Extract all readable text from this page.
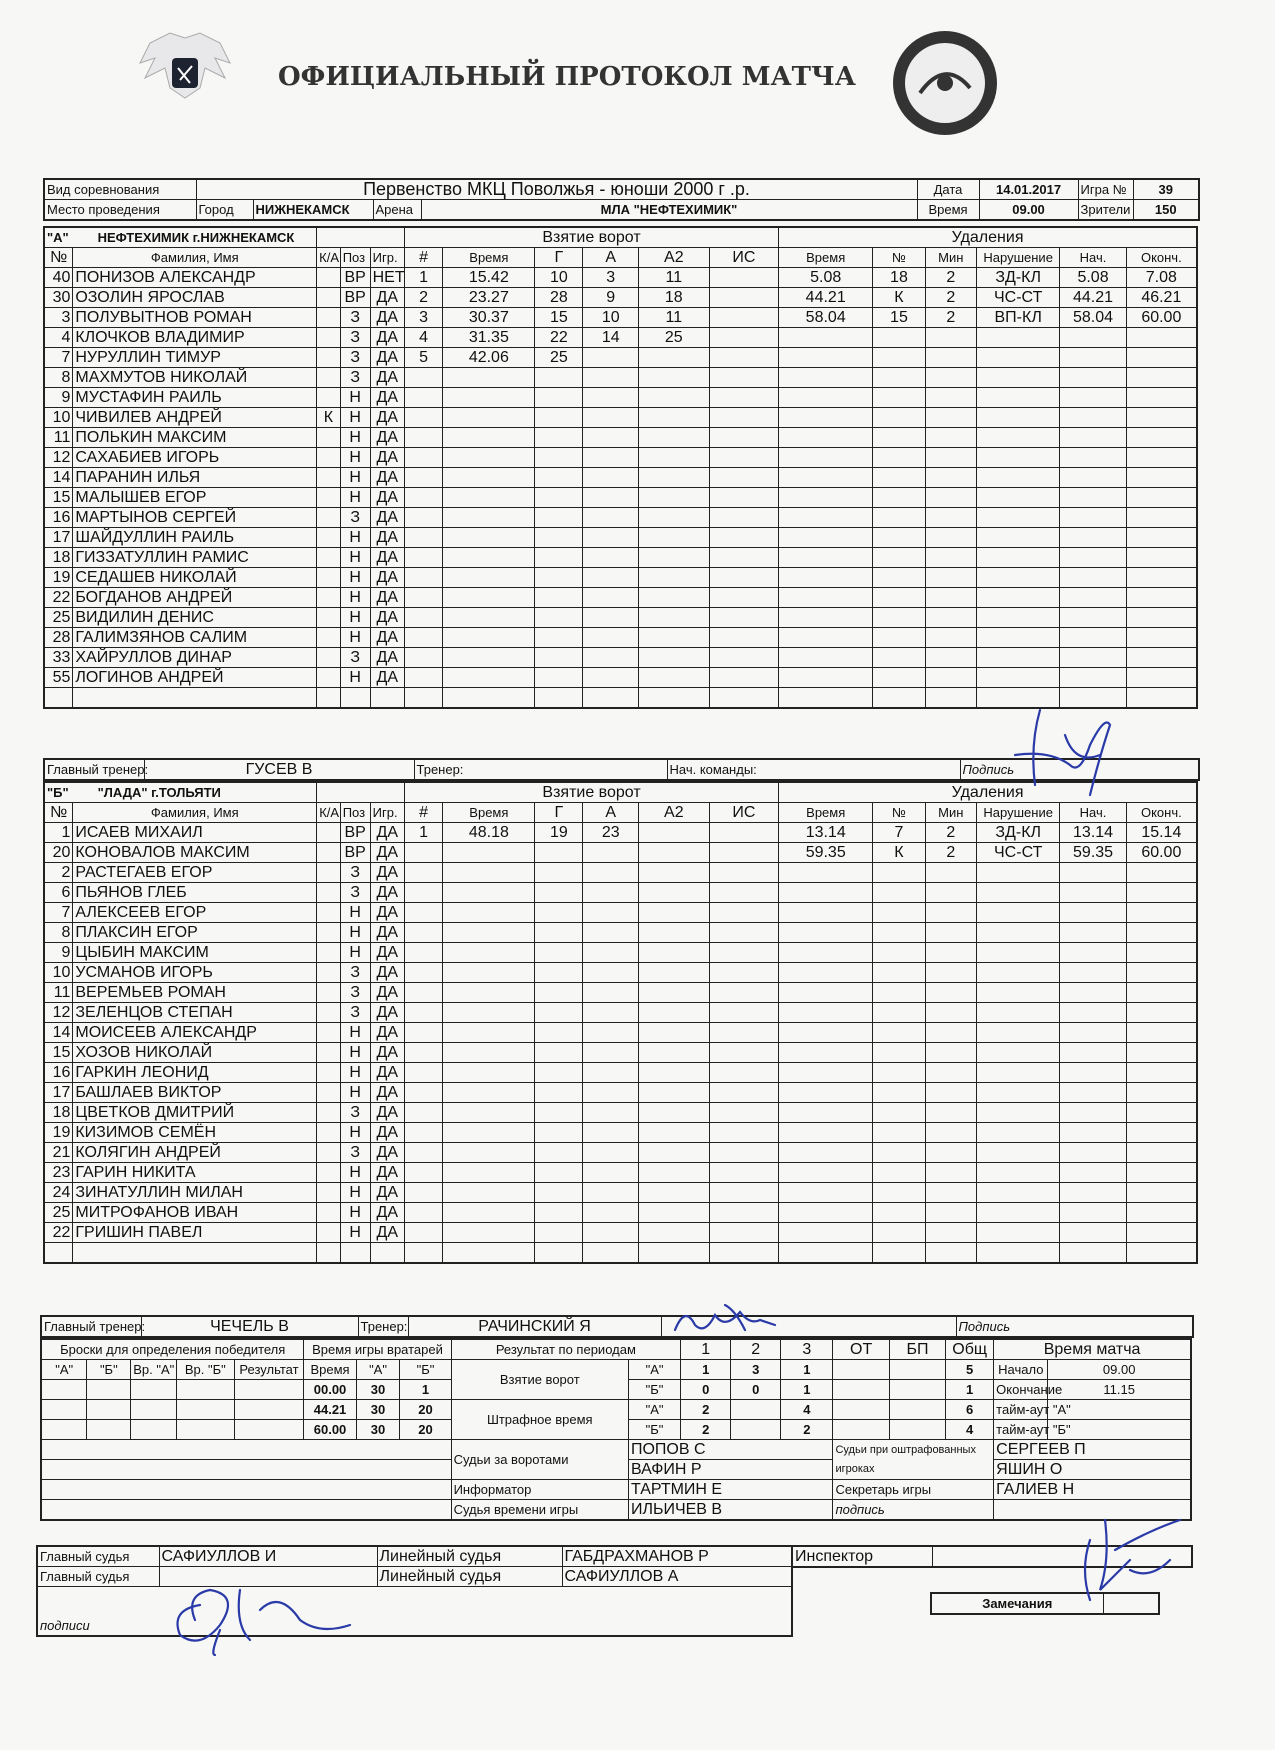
ОФИЦИАЛЬНЫЙ ПРОТОКОЛ МАТЧА
Вид соревнования	Первенство МКЦ Поволжья - юноши 2000 г .р.				Дата	14.01.2017	Игра №	39
Место проведения	Город	НИЖНЕКАМСК	Арена	МЛА "НЕФТЕХИМИК"	Время	09.00	Зрители	150
"А" НЕФТЕХИМИК г.НИЖНЕКАМСК					Взятие ворот						Удаления					
№	Фамилия, Имя	К/А	Поз	Игр.	#	Время	Г	А	А2	ИС	Время	№	Мин	Нарушение	Нач.	Оконч.
40	ПОНИЗОВ АЛЕКСАНДР		ВР	НЕТ	1	15.42	10	3	11		5.08	18	2	ЗД-КЛ	5.08	7.08
30	ОЗОЛИН ЯРОСЛАВ		ВР	ДА	2	23.27	28	9	18		44.21	К	2	ЧС-СТ	44.21	46.21
3	ПОЛУВЫТНОВ РОМАН		З	ДА	3	30.37	15	10	11		58.04	15	2	ВП-КЛ	58.04	60.00
4	КЛОЧКОВ ВЛАДИМИР		З	ДА	4	31.35	22	14	25							
7	НУРУЛЛИН ТИМУР		З	ДА	5	42.06	25									
8	МАХМУТОВ НИКОЛАЙ		З	ДА												
9	МУСТАФИН РАИЛЬ		Н	ДА												
10	ЧИВИЛЕВ АНДРЕЙ	К	Н	ДА												
11	ПОЛЬКИН МАКСИМ		Н	ДА												
12	САХАБИЕВ ИГОРЬ		Н	ДА												
14	ПАРАНИН ИЛЬЯ		Н	ДА												
15	МАЛЫШЕВ ЕГОР		Н	ДА												
16	МАРТЫНОВ СЕРГЕЙ		З	ДА												
17	ШАЙДУЛЛИН РАИЛЬ		Н	ДА												
18	ГИЗЗАТУЛЛИН РАМИС		Н	ДА												
19	СЕДАШЕВ НИКОЛАЙ		Н	ДА												
22	БОГДАНОВ АНДРЕЙ		Н	ДА												
25	ВИДИЛИН ДЕНИС		Н	ДА												
28	ГАЛИМЗЯНОВ САЛИМ		Н	ДА												
33	ХАЙРУЛЛОВ ДИНАР		З	ДА												
55	ЛОГИНОВ АНДРЕЙ		Н	ДА												

Главный тренер:	ГУСЕВ В	Тренер:	Нач. команды:	Подпись
"Б" "ЛАДА" г.ТОЛЬЯТИ					Взятие ворот						Удаления					
№	Фамилия, Имя	К/А	Поз	Игр.	#	Время	Г	А	А2	ИС	Время	№	Мин	Нарушение	Нач.	Оконч.
1	ИСАЕВ МИХАИЛ		ВР	ДА	1	48.18	19	23			13.14	7	2	ЗД-КЛ	13.14	15.14
20	КОНОВАЛОВ МАКСИМ		ВР	ДА							59.35	К	2	ЧС-СТ	59.35	60.00
2	РАСТЕГАЕВ ЕГОР		З	ДА												
6	ПЬЯНОВ ГЛЕБ		З	ДА												
7	АЛЕКСЕЕВ ЕГОР		Н	ДА												
8	ПЛАКСИН ЕГОР		Н	ДА												
9	ЦЫБИН МАКСИМ		Н	ДА												
10	УСМАНОВ ИГОРЬ		З	ДА												
11	ВЕРЕМЬЕВ РОМАН		З	ДА												
12	ЗЕЛЕНЦОВ СТЕПАН		З	ДА												
14	МОИСЕЕВ АЛЕКСАНДР		Н	ДА												
15	ХОЗОВ НИКОЛАЙ		Н	ДА												
16	ГАРКИН ЛЕОНИД		Н	ДА												
17	БАШЛАЕВ ВИКТОР		Н	ДА												
18	ЦВЕТКОВ ДМИТРИЙ		З	ДА												
19	КИЗИМОВ СЕМЁН		Н	ДА												
21	КОЛЯГИН АНДРЕЙ		З	ДА												
23	ГАРИН НИКИТА		Н	ДА												
24	ЗИНАТУЛЛИН МИЛАН		Н	ДА												
25	МИТРОФАНОВ ИВАН		Н	ДА												
22	ГРИШИН ПАВЕЛ		Н	ДА												

Главный тренер:	ЧЕЧЕЛЬ В	Тренер:	РАЧИНСКИЙ Я		Подпись
Броски для определения победителя					Время игры вратарей			Результат по периодам		1	2	3	ОТ	БП	Общ	Время матча	
"А"	"Б"	Вр. "А"	Вр. "Б"	Результат	Время	"А"	"Б"	Взятие ворот	"А"	1	3	1			5	Начало	09.00
					00.00	30	1		"Б"	0	0	1			1	Окончание	11.15
					44.21	30	20	Штрафное время	"А"	2		4			6	тайм-аут "А"	
					60.00	30	20		"Б"	2		2			4	тайм-аут "Б"	
								Судьи за воротами	ПОПОВ С				Судьи при оштрафованных игроках			СЕРГЕЕВ П	
									ВАФИН Р							ЯШИН О	
								Информатор	ТАРТМИН Е				Секретарь игры			ГАЛИЕВ Н	
								Судья времени игры	ИЛЬИЧЕВ В				подпись				
Главный судья	САФИУЛЛОВ И	Линейный судья	ГАБДРАХМАНОВ Р
Главный судья		Линейный судья	САФИУЛЛОВ А
подписи			
Инспектор	
Замечания	
